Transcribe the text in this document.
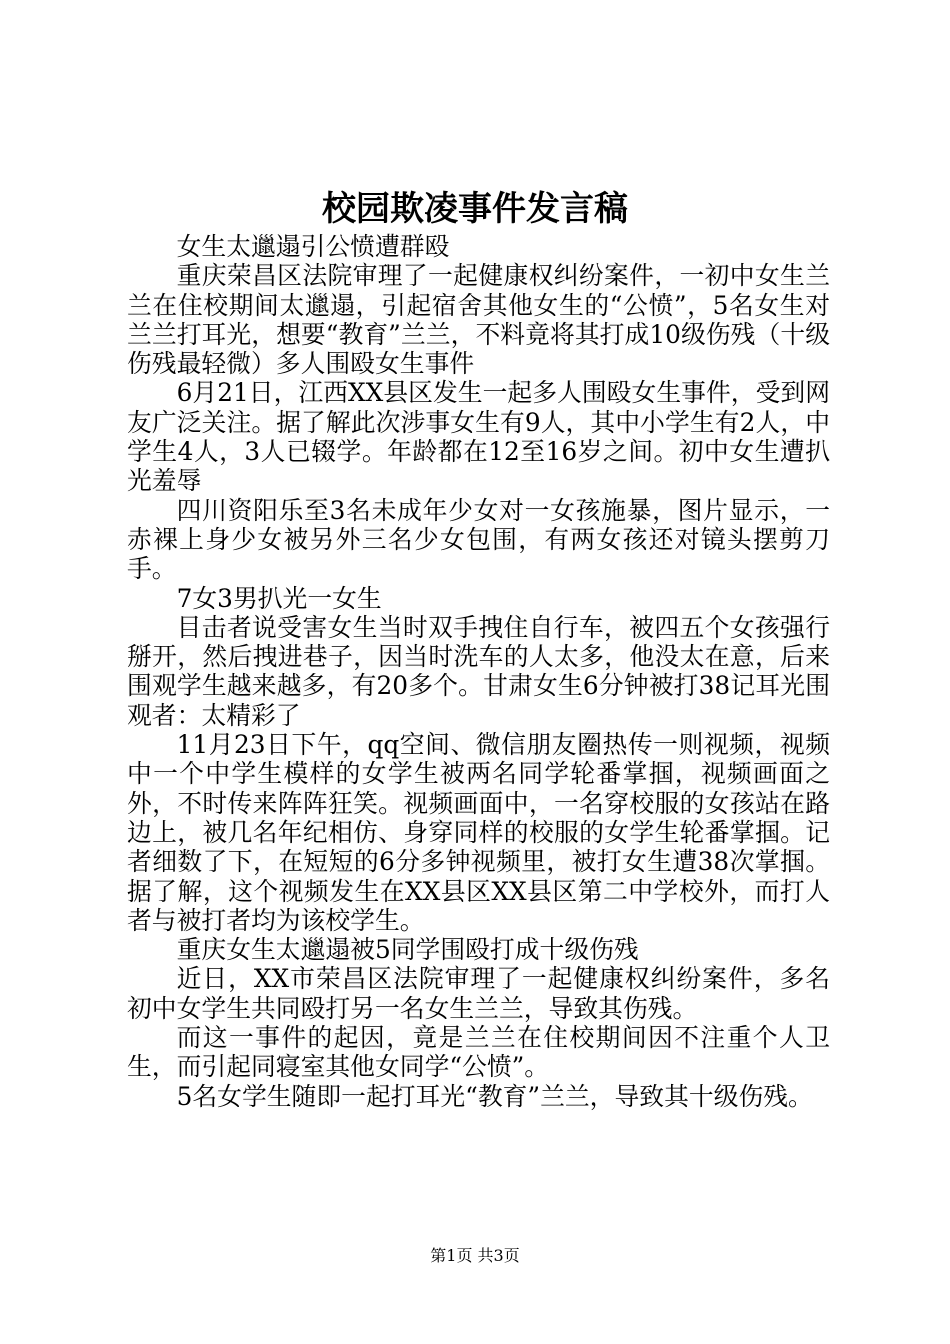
校园欺凌事件发言稿

女生太邋遢引公愤遭群殴

重庆荣昌区法院审理了一起健康权纠纷案件，一初中女生兰兰在住校期间太邋遢，引起宿舍其他女生的“公愤”，5名女生对兰兰打耳光，想要“教育”兰兰，不料竟将其打成10级伤残（十级伤残最轻微）多人围殴女生事件

6月21日，江西XX县区发生一起多人围殴女生事件，受到网友广泛关注。据了解此次涉事女生有9人，其中小学生有2人，中学生4人，3人已辍学。年龄都在12至16岁之间。初中女生遭扒光羞辱

四川资阳乐至3名未成年少女对一女孩施暴，图片显示，一赤裸上身少女被另外三名少女包围，有两女孩还对镜头摆剪刀手。

7女3男扒光一女生

目击者说受害女生当时双手拽住自行车，被四五个女孩强行掰开，然后拽进巷子，因当时洗车的人太多，他没太在意，后来围观学生越来越多，有20多个。甘肃女生6分钟被打38记耳光围观者：太精彩了

11月23日下午，qq空间、微信朋友圈热传一则视频，视频中一个中学生模样的女学生被两名同学轮番掌掴，视频画面之外，不时传来阵阵狂笑。视频画面中，一名穿校服的女孩站在路边上，被几名年纪相仿、身穿同样的校服的女学生轮番掌掴。记者细数了下，在短短的6分多钟视频里，被打女生遭38次掌掴。据了解，这个视频发生在XX县区XX县区第二中学校外，而打人者与被打者均为该校学生。

重庆女生太邋遢被5同学围殴打成十级伤残

近日，XX市荣昌区法院审理了一起健康权纠纷案件，多名初中女学生共同殴打另一名女生兰兰，导致其伤残。

而这一事件的起因，竟是兰兰在住校期间因不注重个人卫生，而引起同寝室其他女同学“公愤”。

5名女学生随即一起打耳光“教育”兰兰，导致其十级伤残。

第1页 共3页
